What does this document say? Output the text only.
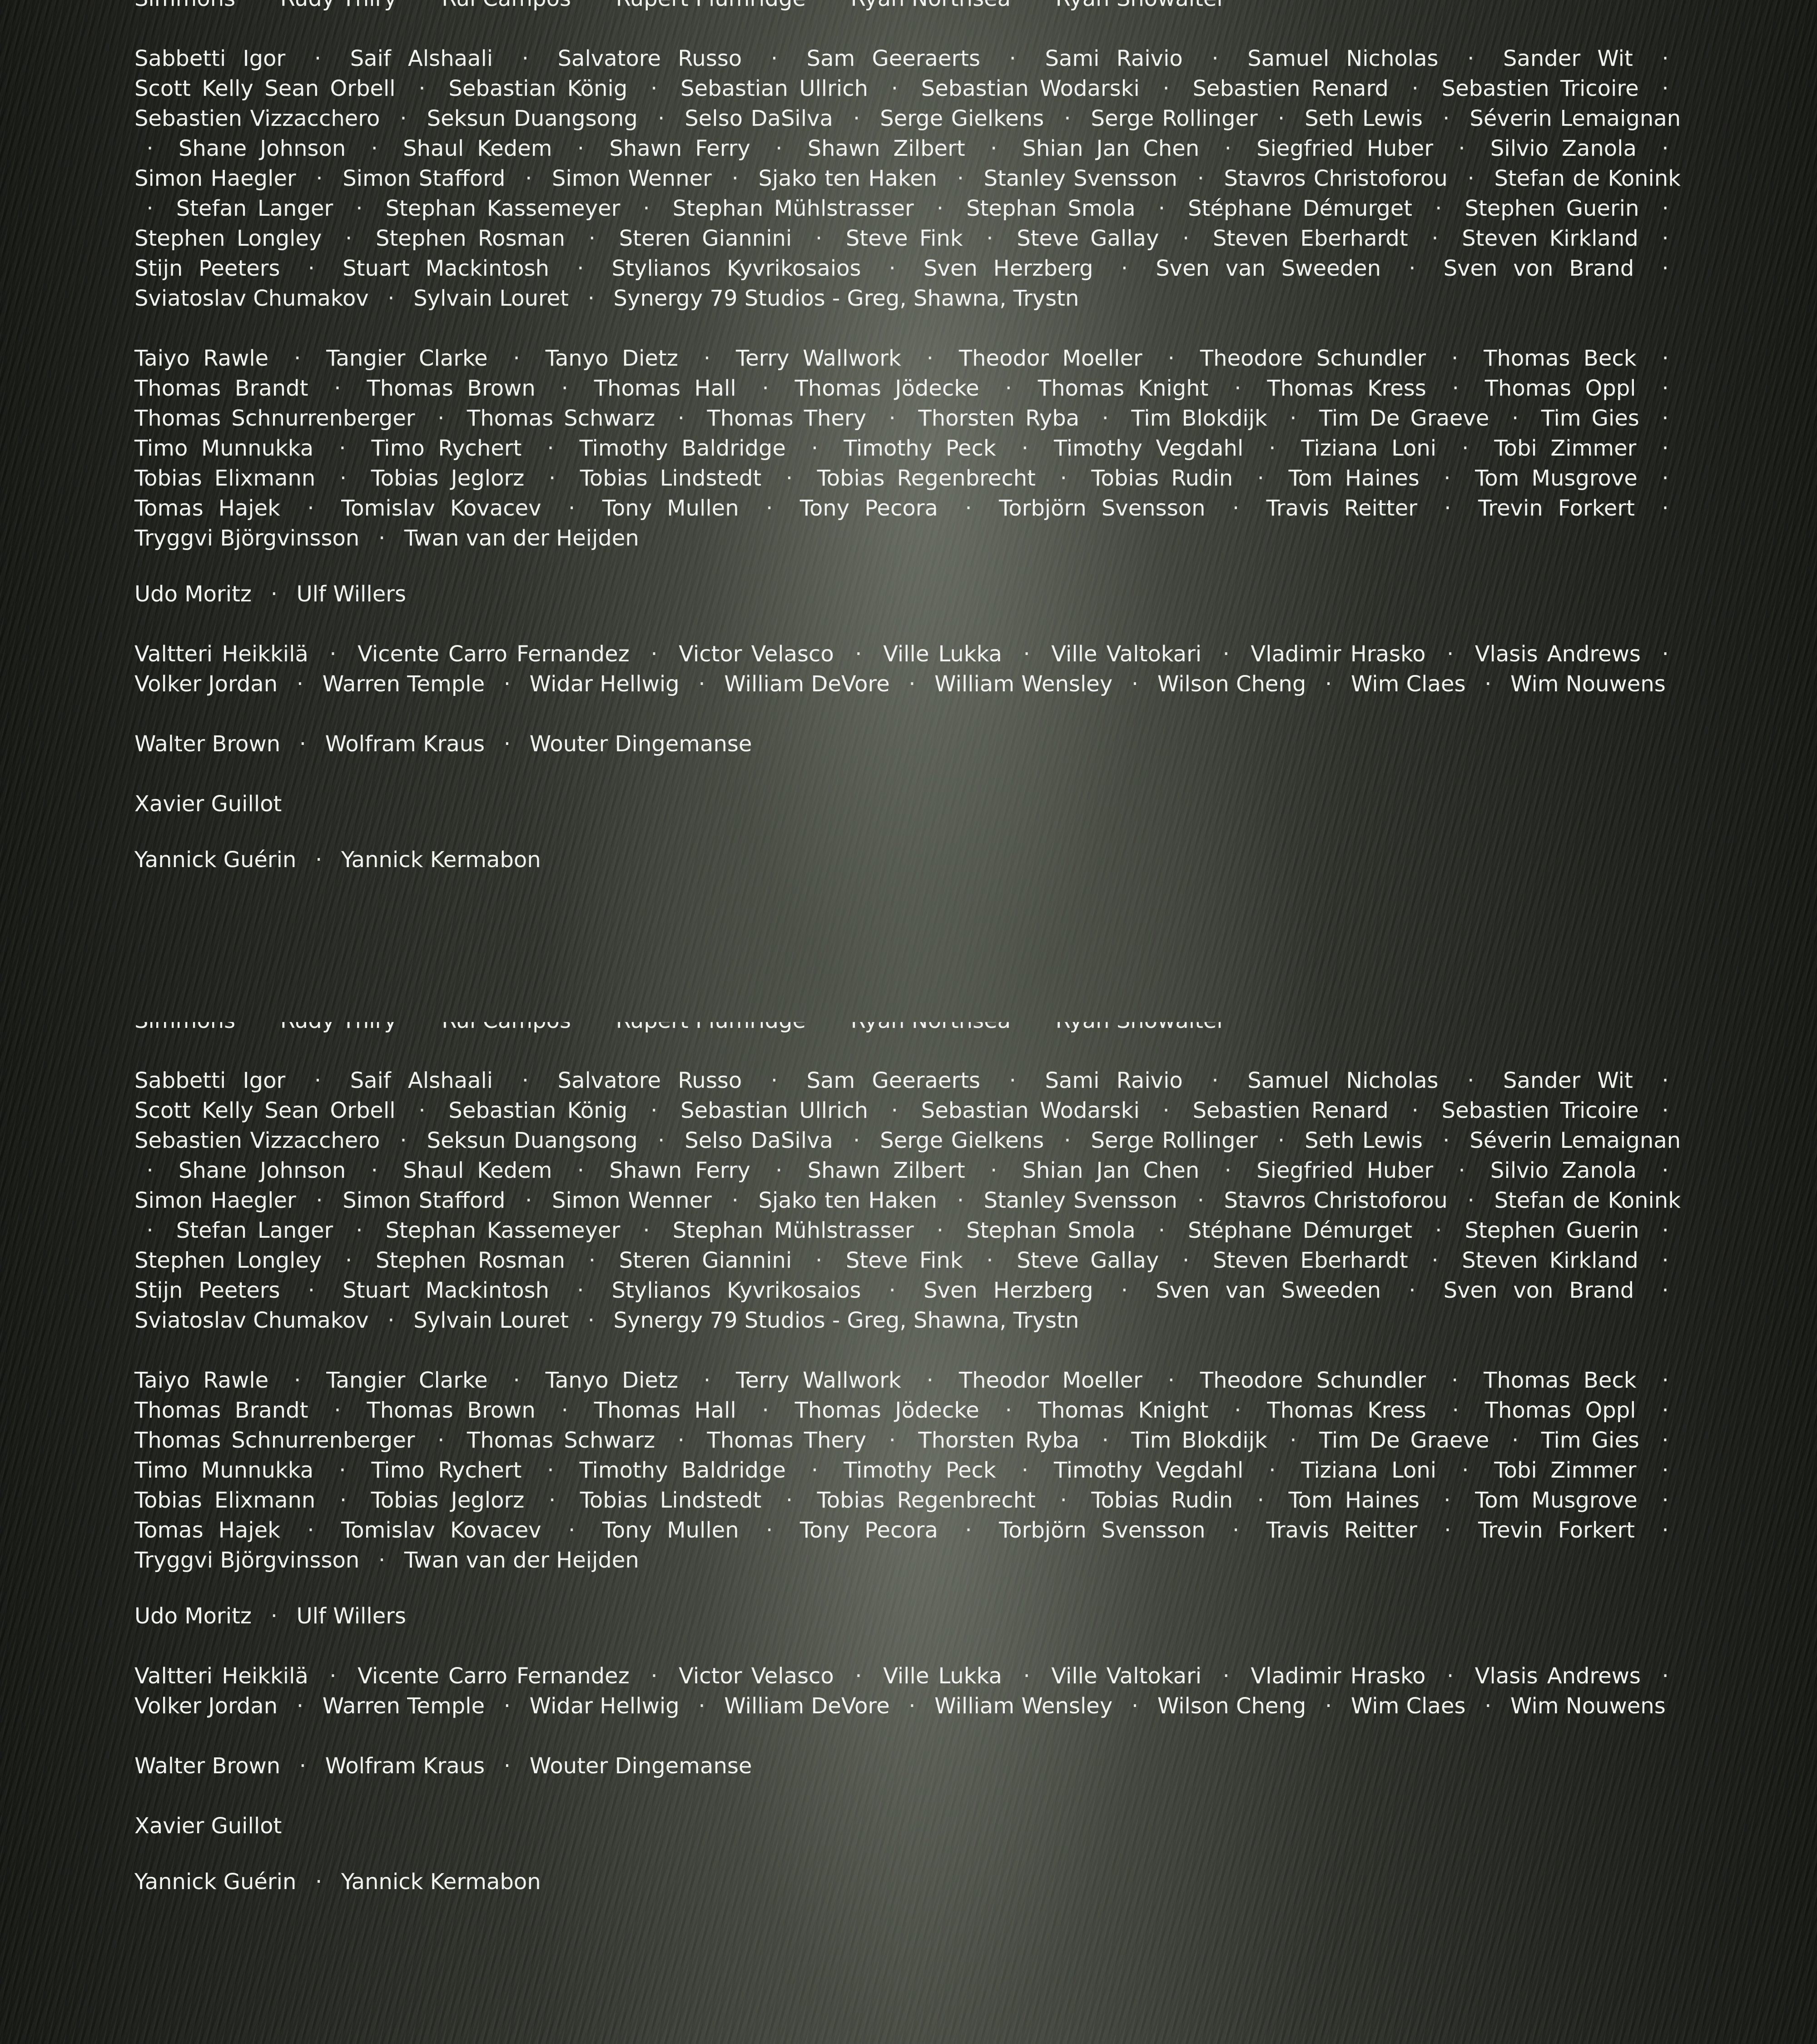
Sabbetti Igor · Saif Alshaali · Salvatore Russo · Sam Geeraerts · Sami Raivio · Samuel Nicholas · Sander Wit · Scott Kelly Sean Orbell · Sebastian König · Sebastian Ullrich · Sebastian Wodarski · Sebastien Renard · Sebastien Tricoire · Sebastien Vizzacchero · Seksun Duangsong · Selso DaSilva · Serge Gielkens · Serge Rollinger · Seth Lewis · Séverin Lemaignan · Shane Johnson · Shaul Kedem · Shawn Ferry · Shawn Zilbert · Shian Jan Chen · Siegfried Huber · Silvio Zanola · Simon Haegler · Simon Stafford · Simon Wenner · Sjako ten Haken · Stanley Svensson · Stavros Christoforou · Stefan de Konink · Stefan Langer · Stephan Kassemeyer · Stephan Mühlstrasser · Stephan Smola · Stéphane Démurget · Stephen Guerin · Stephen Longley · Stephen Rosman · Steren Giannini · Steve Fink · Steve Gallay · Steven Eberhardt · Steven Kirkland · Stijn Peeters · Stuart Mackintosh · Stylianos Kyvrikosaios · Sven Herzberg · Sven van Sweeden · Sven von Brand · Sviatoslav Chumakov · Sylvain Louret · Synergy 79 Studios - Greg, Shawna, Trystn
Taiyo Rawle · Tangier Clarke · Tanyo Dietz · Terry Wallwork · Theodor Moeller · Theodore Schundler · Thomas Beck · Thomas Brandt · Thomas Brown · Thomas Hall · Thomas Jödecke · Thomas Knight · Thomas Kress · Thomas Oppl · Thomas Schnurrenberger · Thomas Schwarz · Thomas Thery · Thorsten Ryba · Tim Blokdijk · Tim De Graeve · Tim Gies · Timo Munnukka · Timo Rychert · Timothy Baldridge · Timothy Peck · Timothy Vegdahl · Tiziana Loni · Tobi Zimmer · Tobias Elixmann · Tobias Jeglorz · Tobias Lindstedt · Tobias Regenbrecht · Tobias Rudin · Tom Haines · Tom Musgrove · Tomas Hajek · Tomislav Kovacev · Tony Mullen · Tony Pecora · Torbjörn Svensson · Travis Reitter · Trevin Forkert · Tryggvi Björgvinsson · Twan van der Heijden
Udo Moritz · Ulf Willers
Valtteri Heikkilä · Vicente Carro Fernandez · Victor Velasco · Ville Lukka · Ville Valtokari · Vladimir Hrasko · Vlasis Andrews · Volker Jordan · Warren Temple · Widar Hellwig · William DeVore · William Wensley · Wilson Cheng · Wim Claes · Wim Nouwens
Walter Brown · Wolfram Kraus · Wouter Dingemanse
Xavier Guillot
Yannick Guérin · Yannick Kermabon

Sabbetti Igor · Saif Alshaali · Salvatore Russo · Sam Geeraerts · Sami Raivio · Samuel Nicholas · Sander Wit · Scott Kelly Sean Orbell · Sebastian König · Sebastian Ullrich · Sebastian Wodarski · Sebastien Renard · Sebastien Tricoire · Sebastien Vizzacchero · Seksun Duangsong · Selso DaSilva · Serge Gielkens · Serge Rollinger · Seth Lewis · Séverin Lemaignan · Shane Johnson · Shaul Kedem · Shawn Ferry · Shawn Zilbert · Shian Jan Chen · Siegfried Huber · Silvio Zanola · Simon Haegler · Simon Stafford · Simon Wenner · Sjako ten Haken · Stanley Svensson · Stavros Christoforou · Stefan de Konink · Stefan Langer · Stephan Kassemeyer · Stephan Mühlstrasser · Stephan Smola · Stéphane Démurget · Stephen Guerin · Stephen Longley · Stephen Rosman · Steren Giannini · Steve Fink · Steve Gallay · Steven Eberhardt · Steven Kirkland · Stijn Peeters · Stuart Mackintosh · Stylianos Kyvrikosaios · Sven Herzberg · Sven van Sweeden · Sven von Brand · Sviatoslav Chumakov · Sylvain Louret · Synergy 79 Studios - Greg, Shawna, Trystn
Taiyo Rawle · Tangier Clarke · Tanyo Dietz · Terry Wallwork · Theodor Moeller · Theodore Schundler · Thomas Beck · Thomas Brandt · Thomas Brown · Thomas Hall · Thomas Jödecke · Thomas Knight · Thomas Kress · Thomas Oppl · Thomas Schnurrenberger · Thomas Schwarz · Thomas Thery · Thorsten Ryba · Tim Blokdijk · Tim De Graeve · Tim Gies · Timo Munnukka · Timo Rychert · Timothy Baldridge · Timothy Peck · Timothy Vegdahl · Tiziana Loni · Tobi Zimmer · Tobias Elixmann · Tobias Jeglorz · Tobias Lindstedt · Tobias Regenbrecht · Tobias Rudin · Tom Haines · Tom Musgrove · Tomas Hajek · Tomislav Kovacev · Tony Mullen · Tony Pecora · Torbjörn Svensson · Travis Reitter · Trevin Forkert · Tryggvi Björgvinsson · Twan van der Heijden
Udo Moritz · Ulf Willers
Valtteri Heikkilä · Vicente Carro Fernandez · Victor Velasco · Ville Lukka · Ville Valtokari · Vladimir Hrasko · Vlasis Andrews · Volker Jordan · Warren Temple · Widar Hellwig · William DeVore · William Wensley · Wilson Cheng · Wim Claes · Wim Nouwens
Walter Brown · Wolfram Kraus · Wouter Dingemanse
Xavier Guillot
Yannick Guérin · Yannick Kermabon
